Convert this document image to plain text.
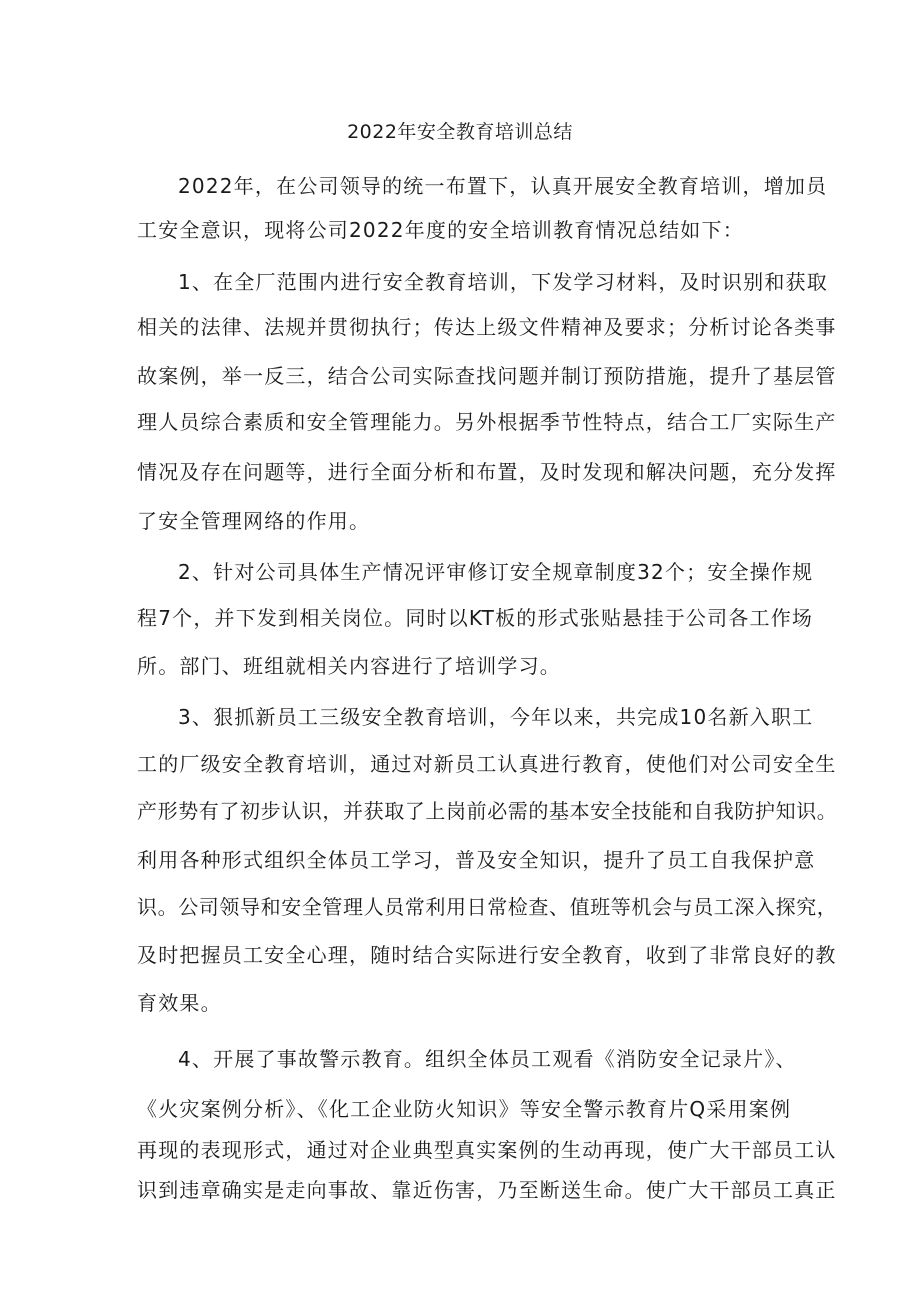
2022年安全教育培训总结
2022年，在公司领导的统一布置下，认真开展安全教育培训，增加员
工安全意识，现将公司2022年度的安全培训教育情况总结如下：
1、在全厂范围内进行安全教育培训，下发学习材料，及时识别和获取
相关的法律、法规并贯彻执行；传达上级文件精神及要求；分析讨论各类事
故案例，举一反三，结合公司实际查找问题并制订预防措施，提升了基层管
理人员综合素质和安全管理能力。另外根据季节性特点，结合工厂实际生产
情况及存在问题等，进行全面分析和布置，及时发现和解决问题，充分发挥
了安全管理网络的作用。
2、针对公司具体生产情况评审修订安全规章制度32个；安全操作规
程7个，并下发到相关岗位。同时以KT板的形式张贴悬挂于公司各工作场
所。部门、班组就相关内容进行了培训学习。
3、狠抓新员工三级安全教育培训，今年以来，共完成10名新入职工
工的厂级安全教育培训，通过对新员工认真进行教育，使他们对公司安全生
产形势有了初步认识，并获取了上岗前必需的基本安全技能和自我防护知识。
利用各种形式组织全体员工学习，普及安全知识，提升了员工自我保护意
识。公司领导和安全管理人员常利用日常检查、值班等机会与员工深入探究，
及时把握员工安全心理，随时结合实际进行安全教育，收到了非常良好的教
育效果。
4、开展了事故警示教育。组织全体员工观看《消防安全记录片》、
《火灾案例分析》、《化工企业防火知识》等安全警示教育片Q采用案例
再现的表现形式，通过对企业典型真实案例的生动再现，使广大干部员工认
识到违章确实是走向事故、靠近伤害，乃至断送生命。使广大干部员工真正
